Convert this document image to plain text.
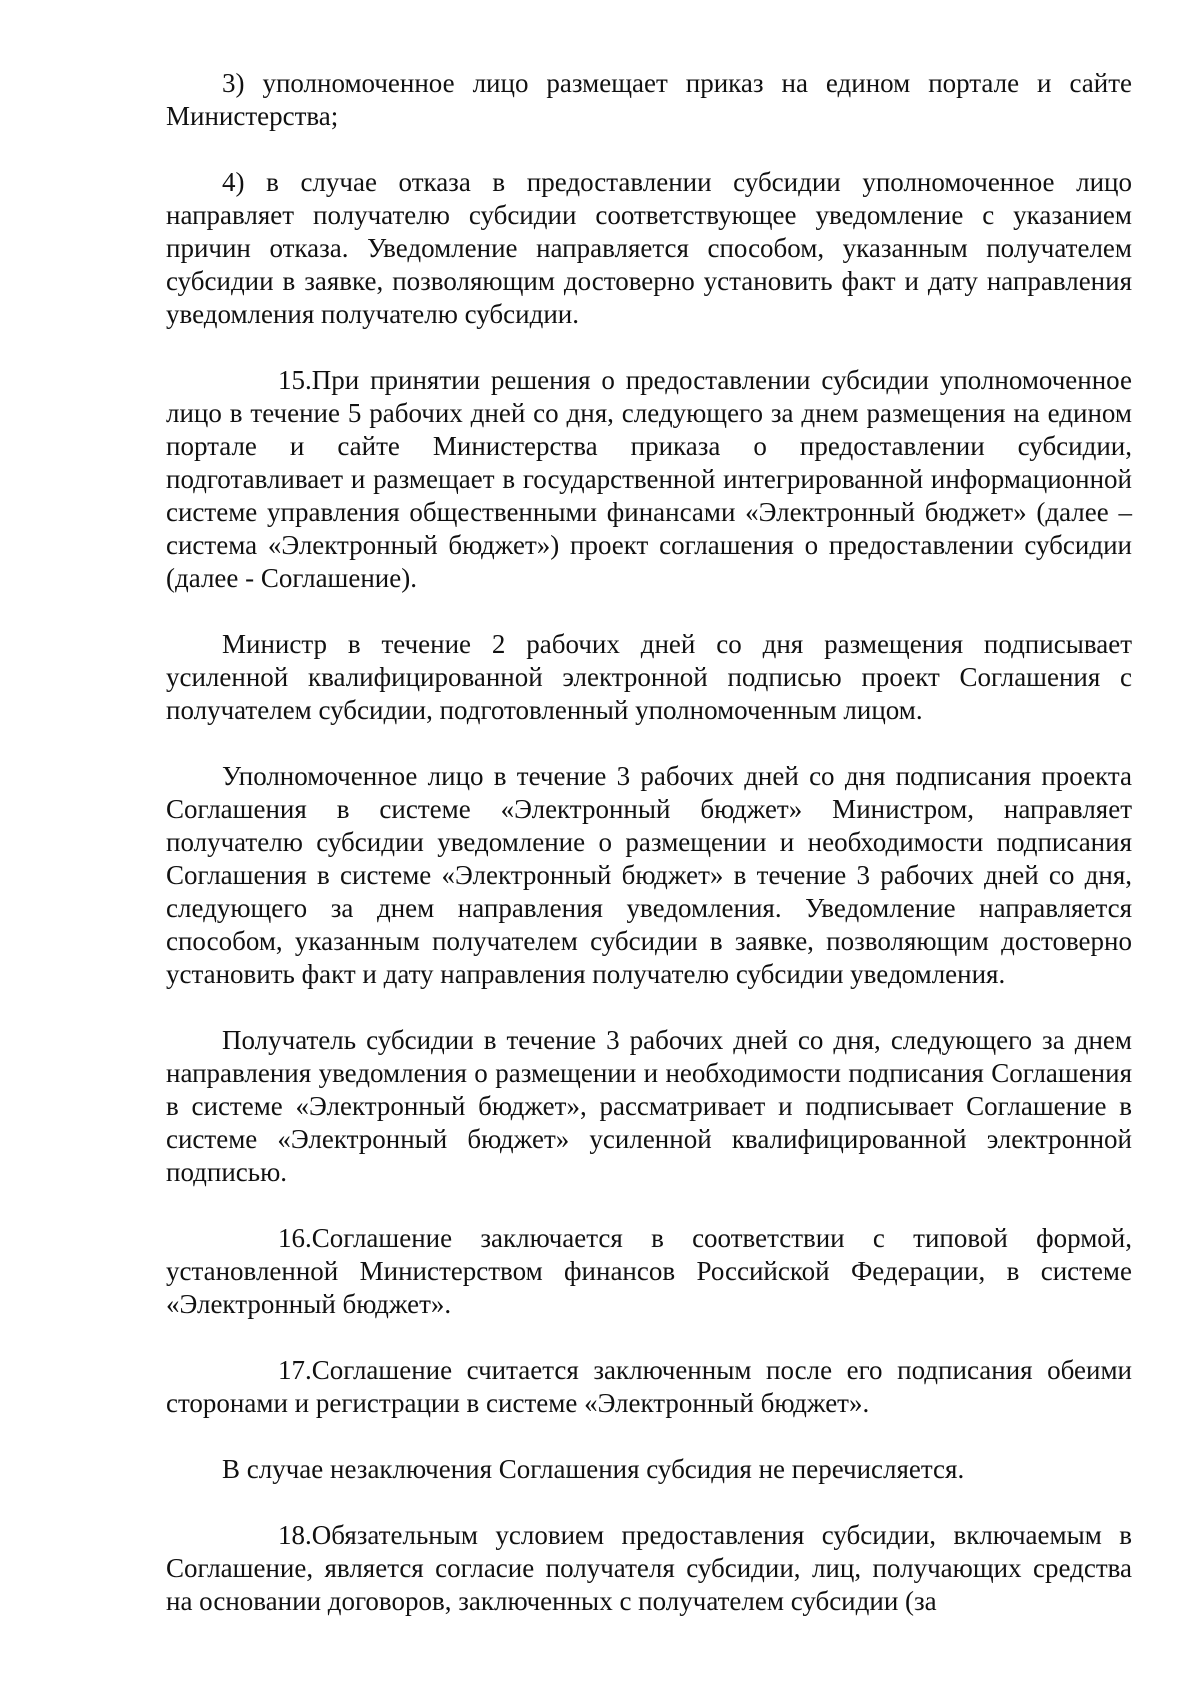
3) уполномоченное лицо размещает приказ на едином портале и сайте Министерства;

4) в случае отказа в предоставлении субсидии уполномоченное лицо направляет получателю субсидии соответствующее уведомление с указанием причин отказа. Уведомление направляется способом, указанным получателем субсидии в заявке, позволяющим достоверно установить факт и дату направления уведомления получателю субсидии.

15.При принятии решения о предоставлении субсидии уполномоченное лицо в течение 5 рабочих дней со дня, следующего за днем размещения на едином портале и сайте Министерства приказа о предоставлении субсидии, подготавливает и размещает в государственной интегрированной информационной системе управления общественными финансами «Электронный бюджет» (далее – система «Электронный бюджет») проект соглашения о предоставлении субсидии (далее - Соглашение).

Министр в течение 2 рабочих дней со дня размещения подписывает усиленной квалифицированной электронной подписью проект Соглашения с получателем субсидии, подготовленный уполномоченным лицом.

Уполномоченное лицо в течение 3 рабочих дней со дня подписания проекта Соглашения в системе «Электронный бюджет» Министром, направляет получателю субсидии уведомление о размещении и необходимости подписания Соглашения в системе «Электронный бюджет» в течение 3 рабочих дней со дня, следующего за днем направления уведомления. Уведомление направляется способом, указанным получателем субсидии в заявке, позволяющим достоверно установить факт и дату направления получателю субсидии уведомления.

Получатель субсидии в течение 3 рабочих дней со дня, следующего за днем направления уведомления о размещении и необходимости подписания Соглашения в системе «Электронный бюджет», рассматривает и подписывает Соглашение в системе «Электронный бюджет» усиленной квалифицированной электронной подписью.

16.Соглашение заключается в соответствии с типовой формой, установленной Министерством финансов Российской Федерации, в системе «Электронный бюджет».

17.Соглашение считается заключенным после его подписания обеими сторонами и регистрации в системе «Электронный бюджет».

В случае незаключения Соглашения субсидия не перечисляется.

18.Обязательным условием предоставления субсидии, включаемым в Соглашение, является согласие получателя субсидии, лиц, получающих средства на основании договоров, заключенных с получателем субсидии (за
